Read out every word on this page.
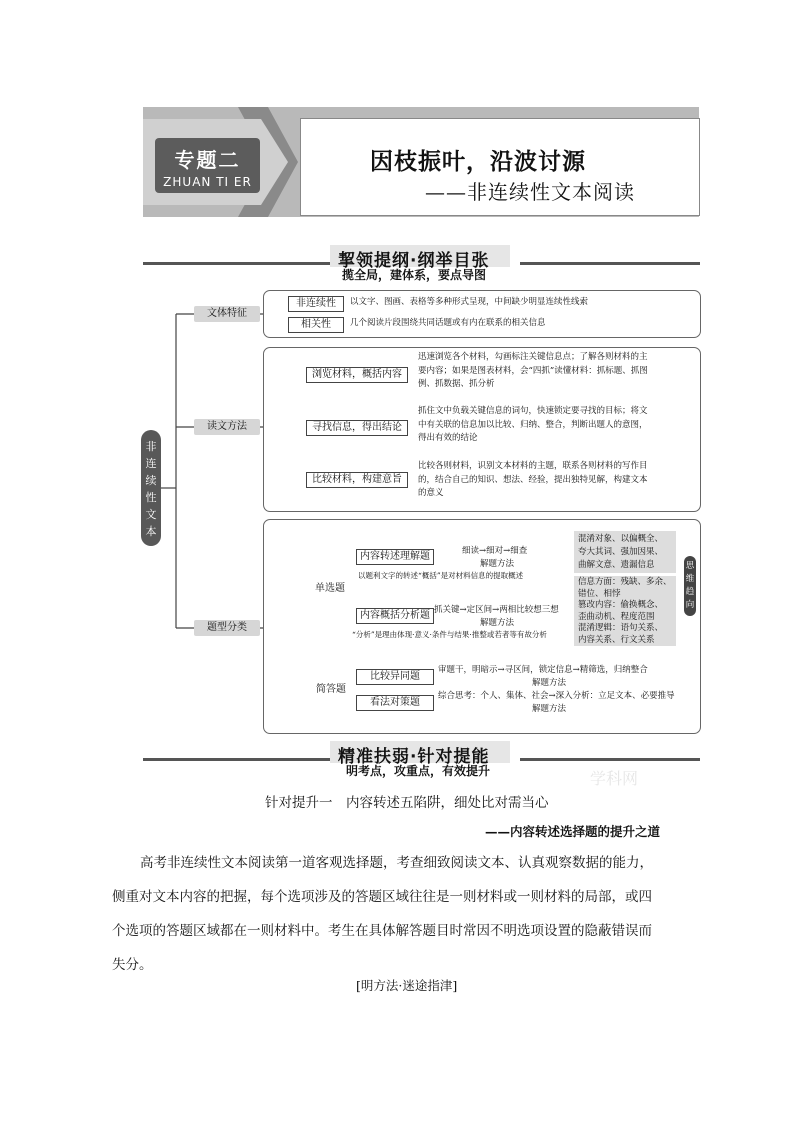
专题二
ZHUAN TI ER
因枝振叶，沿波讨源
——非连续性文本阅读
挈领提纲·纲举目张
揽全局，建体系，要点导图
非连续性文本
文体特征
非连续性	以文字、图画、表格等多种形式呈现，中间缺少明显连续性线索
相关性	几个阅读片段围绕共同话题或有内在联系的相关信息
读文方法
浏览材料，概括内容
迅速浏览各个材料，勾画标注关键信息点；了解各则材料的主
要内容；如果是图表材料，会“四抓”读懂材料：抓标题、抓图
例、抓数据、抓分析
寻找信息，得出结论
抓住文中负载关键信息的词句，快速锁定要寻找的目标；将文
中有关联的信息加以比较、归纳、整合，判断出题人的意图，
得出有效的结论
比较材料，构建意旨
比较各则材料，识别文本材料的主题，联系各则材料的写作目
的，结合自己的知识、想法、经验，提出独特见解，构建文本
的意义
题型分类
单选题
内容转述理解题	细读→细对→细查
解题方法
以题利文字的转述“概括”是对材料信息的提取概述
内容概括分析题 抓关键→定区间→两相比较想三想
解题方法
“分析”是理由体现·意义·条件与结果·推整或若者等有故分析
简答题
比较异同题
审题干，明暗示→寻区间，锁定信息→精筛选，归纳整合
解题方法
看法对策题
综合思考：个人、集体、社会→深入分析：立足文本、必要推导
解题方法
混淆对象、以偏概全、
夸大其词、强加因果、
曲解文意、遗漏信息
信息方面：残缺、多余、
错位、相悖
篡改内容：偷换概念、
歪曲动机、程度范围
混淆逻辑：语句关系、
内容关系、行文关系
思维趋向
精准扶弱·针对提能
明考点，攻重点，有效提升	学科网
针对提升一　内容转述五陷阱，细处比对需当心
——内容转述选择题的提升之道
高考非连续性文本阅读第一道客观选择题，考查细致阅读文本、认真观察数据的能力，
侧重对文本内容的把握，每个选项涉及的答题区域往往是一则材料或一则材料的局部，或四
个选项的答题区域都在一则材料中。考生在具体解答题目时常因不明选项设置的隐蔽错误而
失分。
[明方法·迷途指津]
